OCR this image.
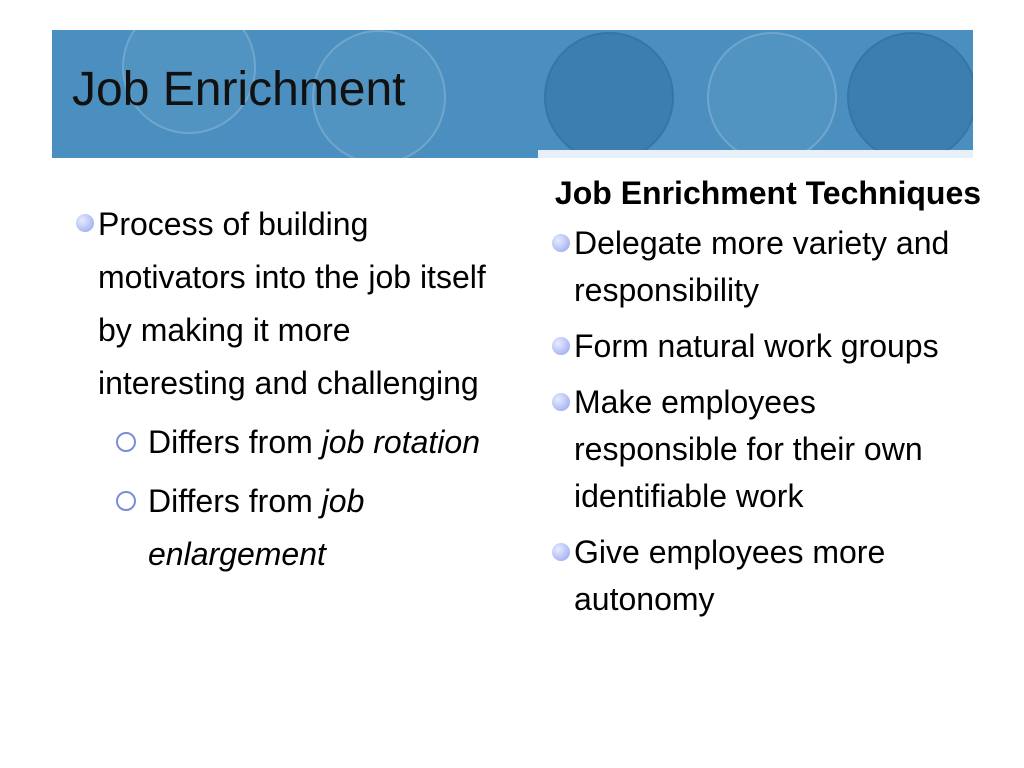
Job Enrichment
Process of building motivators into the job itself by making it more interesting and challenging
Differs from job rotation
Differs from job enlargement
Job Enrichment Techniques
Delegate more variety and responsibility
Form natural work groups
Make employees responsible for their own identifiable work
Give employees more autonomy
